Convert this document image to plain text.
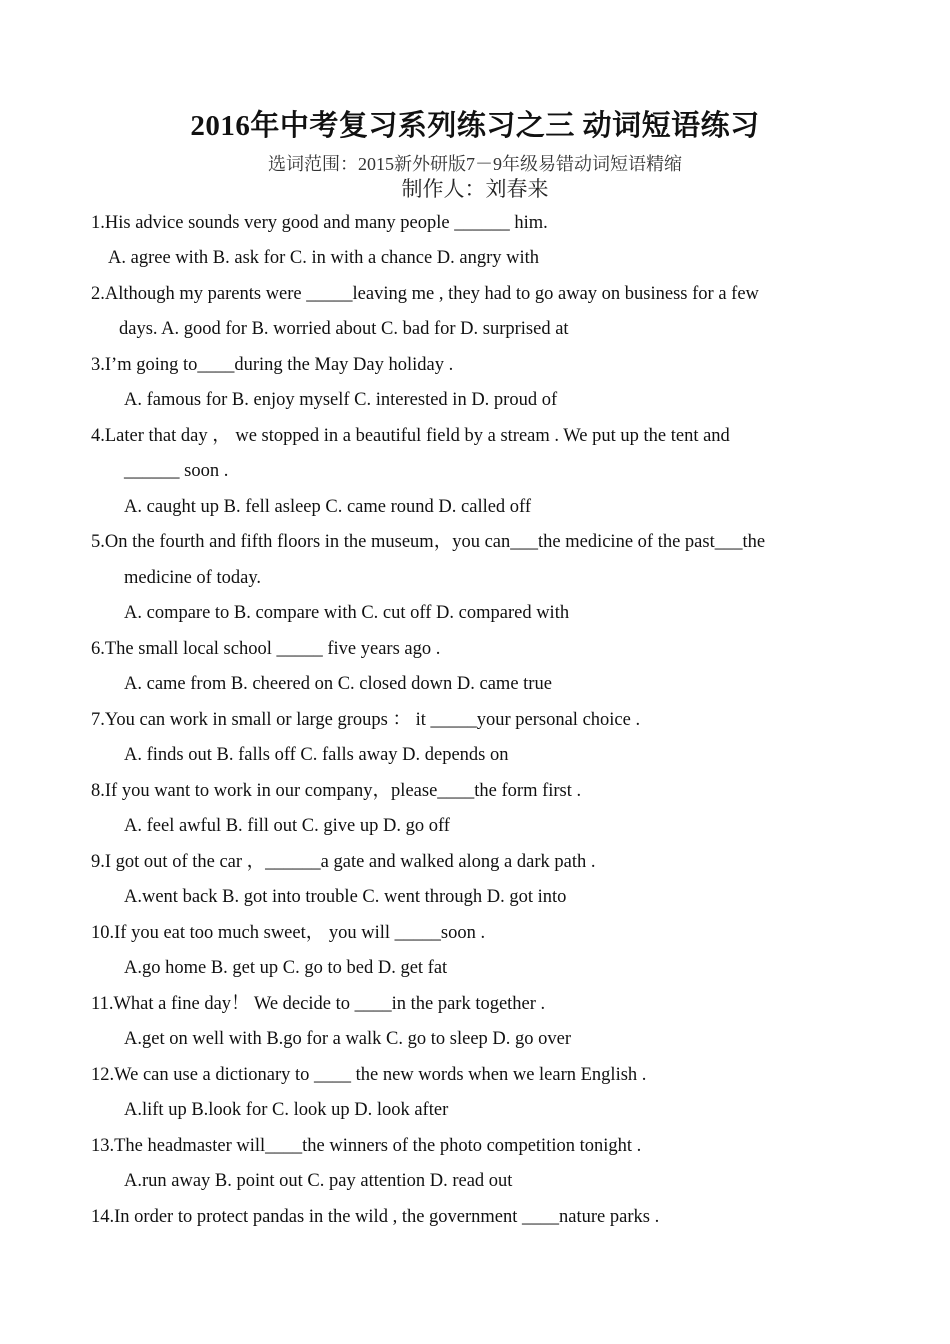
2016年中考复习系列练习之三 动词短语练习
选词范围：2015新外研版7－9年级易错动词短语精缩
制作人：刘春来
1.His advice sounds very good and many people ______ him.
A. agree with B. ask for C. in with a chance D. angry with
2.Although my parents were _____leaving me , they had to go away on business for a few
days. A. good for B. worried about C. bad for D. surprised at
3.I’m going to____during the May Day holiday .
A. famous for B. enjoy myself C. interested in D. proud of
4.Later that day ， we stopped in a beautiful field by a stream . We put up the tent and
______ soon .
A. caught up B. fell asleep C. came round D. called off
5.On the fourth and fifth floors in the museum，you can___the medicine of the past___the
medicine of today.
A. compare to B. compare with C. cut off D. compared with
6.The small local school _____ five years ago .
A. came from B. cheered on C. closed down D. came true
7.You can work in small or large groups ： it _____your personal choice .
A. finds out B. falls off C. falls away D. depends on
8.If you want to work in our company，please____the form first .
A. feel awful B. fill out C. give up D. go off
9.I got out of the car ，______a gate and walked along a dark path .
A.went back B. got into trouble C. went through D. got into
10.If you eat too much sweet， you will _____soon .
A.go home B. get up C. go to bed D. get fat
11.What a fine day！ We decide to ____in the park together .
A.get on well with B.go for a walk C. go to sleep D. go over
12.We can use a dictionary to ____ the new words when we learn English .
A.lift up B.look for C. look up D. look after
13.The headmaster will____the winners of the photo competition tonight .
A.run away B. point out C. pay attention D. read out
14.In order to protect pandas in the wild , the government ____nature parks .
